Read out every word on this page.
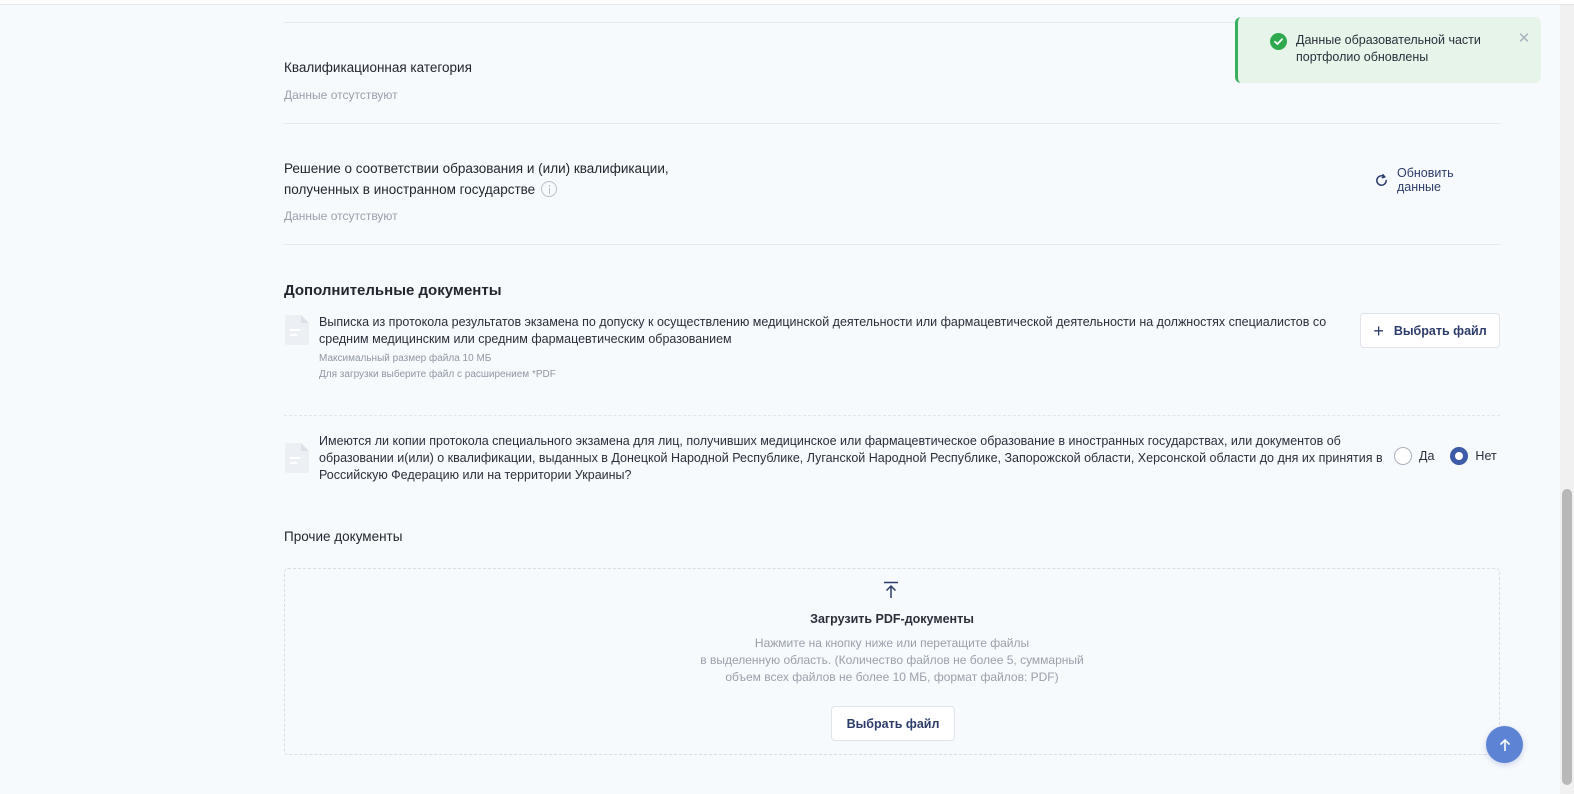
Квалификационная категория
Данные отсутствуют
Решение о соответствии образования и (или) квалификации,
полученных в иностранном государстве
Данные отсутствуют
Обновить данные
Дополнительные документы
Выписка из протокола результатов экзамена по допуску к осуществлению медицинской деятельности или фармацевтической деятельности на должностях специалистов со
средним медицинским или средним фармацевтическим образованием
Максимальный размер файла 10 МБ
Для загрузки выберите файл с расширением *PDF
+ Выбрать файл
Имеются ли копии протокола специального экзамена для лиц, получивших медицинское или фармацевтическое образование в иностранных государствах, или документов об
образовании и(или) о квалификации, выданных в Донецкой Народной Республике, Луганской Народной Республике, Запорожской области, Херсонской области до дня их принятия в
Российскую Федерацию или на территории Украины?
Да	Нет
Прочие документы
Загрузить PDF-документы
Нажмите на кнопку ниже или перетащите файлы
в выделенную область. (Количество файлов не более 5, суммарный
объем всех файлов не более 10 МБ, формат файлов: PDF)
Выбрать файл
Данные образовательной части
портфолио обновлены
✕
